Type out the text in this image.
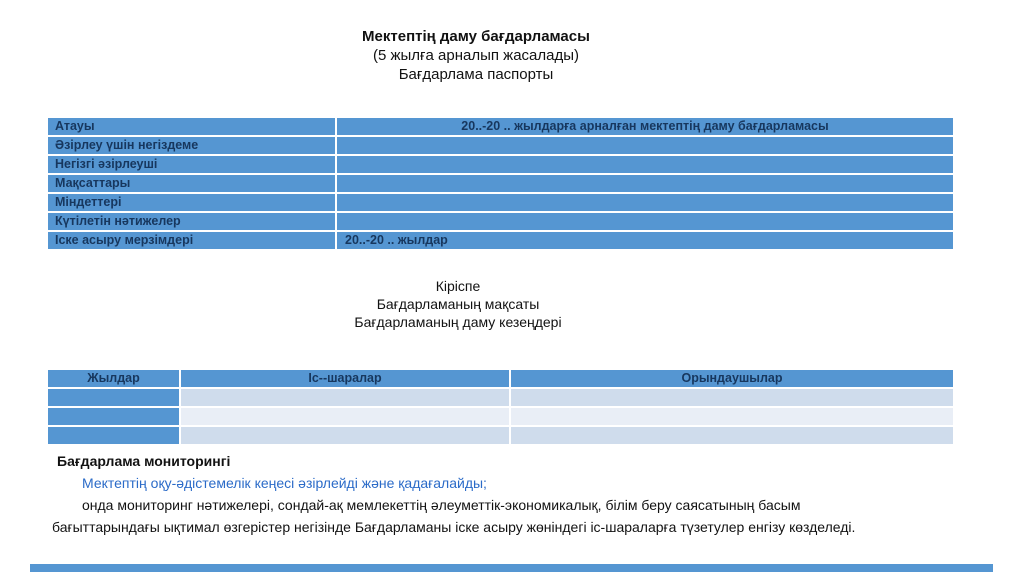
Мектептің даму бағдарламасы
(5 жылға арналып жасалады)
Бағдарлама паспорты
Атауы	20..-20 .. жылдарға арналған мектептің даму бағдарламасы
Әзірлеу үшін негіздеме
Негізгі әзірлеуші
Мақсаттары
Міндеттері
Күтілетін нәтижелер
Іске асыру мерзімдері	20..-20 .. жылдар
Кіріспе
Бағдарламаның мақсаты
Бағдарламаның даму кезеңдері
Жылдар	Іс--шаралар	Орындаушылар
Бағдарлама мониторингі
Мектептің оқу-әдістемелік кеңесі әзірлейді және қадағалайды;
онда мониторинг нәтижелері, сондай-ақ мемлекеттің әлеуметтік-экономикалық, білім беру саясатының басым
бағыттарындағы ықтимал өзгерістер негізінде Бағдарламаны іске асыру жөніндегі іс-шараларға түзетулер енгізу көзделеді.
